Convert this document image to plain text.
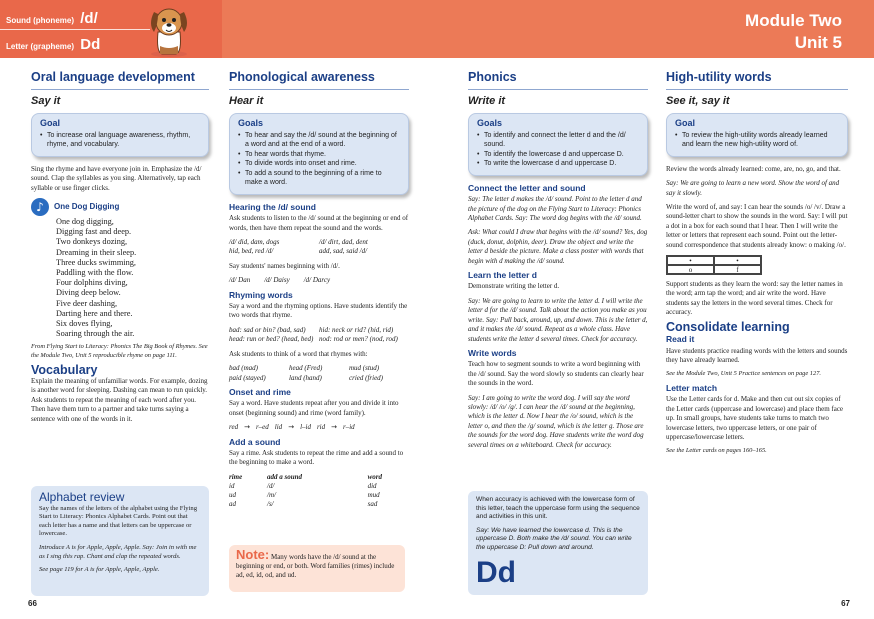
Sound (phoneme) /d/
Letter (grapheme) Dd
Module Two
Unit 5
Oral language development
Say it
Goal
• To increase oral language awareness, rhythm, rhyme, and vocabulary.

Sing the rhyme and have everyone join in. Emphasize the /d/ sound. Clap the syllables as you sing. Alternatively, tap each syllable or use finger clicks.

♪	One Dog Digging
One dog digging,
Digging fast and deep.
Two donkeys dozing,
Dreaming in their sleep.
Three ducks swimming,
Paddling with the flow.
Four dolphins diving,
Diving deep below.
Five deer dashing,
Darting here and there.
Six doves flying,
Soaring through the air.

From Flying Start to Literacy: Phonics The Big Book of Rhymes. See the Module Two, Unit 5 reproducible rhyme on page 111.

Vocabulary

Explain the meaning of unfamiliar words. For example, dozing is another word for sleeping. Dashing can mean to run quickly. Ask students to repeat the meaning of each word after you. Then have them turn to a partner and take turns saying a sentence with one of the words in it.

Alphabet review

Say the names of the letters of the alphabet using the Flying Start to Literacy: Phonics Alphabet Cards. Point out that each letter has a name and that letters can be uppercase or lowercase.

Introduce A is for Apple, Apple, Apple. Say: Join in with me as I sing this rap. Chant and clap the repeated words.

See page 119 for A is for Apple, Apple, Apple.

Phonological awareness
Hear it
Goals
• To hear and say the /d/ sound at the beginning of a word and at the end of a word.
• To hear words that rhyme.
• To divide words into onset and rime.
• To add a sound to the beginning of a rime to make a word.
Hearing the /d/ sound

Ask students to listen to the /d/ sound at the beginning or end of words, then have them repeat the sound and the words.

/d/ did, dam, dogs	/d/ dirt, dad, dent
hid, bed, red /d/	add, sad, said /d/

Say students' names beginning with /d/.

/d/ Dan /d/ Daisy /d/ Darcy
Rhyming words

Say a word and the rhyming options. Have students identify the two words that rhyme.

bad: sad or bin? (bad, sad)	hid: neck or rid? (hid, rid)
head: run or bed? (head, bed) nod: rod or men? (nod, rod)

Ask students to think of a word that rhymes with:

bad (mad)	head (Fred)	mud (stud)
paid (stayed)	land (hand)	cried (fried)
Onset and rime

Say a word. Have students repeat after you and divide it into onset (beginning sound) and rime (word family).

red → r–ed lid → l–id rid → r–id
Add a sound

Say a rime. Ask students to repeat the rime and add a sound to the beginning to make a word.

rime	add a sound	word
id	/d/	did
ud	/m/	mud
ad	/s/	sad
Note: Many words have the /d/ sound at the beginning or end, or both. Word families (rimes) include ad, ed, id, od, and ud.
Phonics
Write it
Goals
• To identify and connect the letter d and the /d/ sound.
• To identify the lowercase d and uppercase D.
• To write the lowercase d and uppercase D.
Connect the letter and sound

Say: The letter d makes the /d/ sound. Point to the letter d and the picture of the dog on the Flying Start to Literacy: Phonics Alphabet Cards. Say: The word dog begins with the /d/ sound.

Ask: What could I draw that begins with the /d/ sound? Yes, dog (duck, donut, dolphin, deer). Draw the object and write the letter d beside the picture. Make a class poster with words that begin with d making the /d/ sound.

Learn the letter d

Demonstrate writing the letter d.

Say: We are going to learn to write the letter d. I will write the letter d for the /d/ sound. Talk about the action you make as you write. Say: Pull back, around, up, and down. This is the letter d, and it makes the /d/ sound. Repeat as a whole class. Have students write the letter d several times. Check for accuracy.

Write words

Teach how to segment sounds to write a word beginning with the /d/ sound. Say the word slowly so students can clearly hear the sounds in the word.

Say: I am going to write the word dog. I will say the word slowly: /d/ /o/ /g/. I can hear the /d/ sound at the beginning, which is the letter d. Now I hear the /o/ sound, which is the letter o, and then the /g/ sound, which is the letter g. Those are the sounds for the word dog. Have students write the word dog several times on a whiteboard. Check for accuracy.

When accuracy is achieved with the lowercase form of this letter, teach the uppercase form using the sequence and activities in this unit.

Say: We have learned the lowercase d. This is the uppercase D. Both make the /d/ sound. You can write the uppercase D: Pull down and around.

Dd
High-utility words
See it, say it
Goal
• To review the high-utility words already learned and learn the new high-utility word of.

Review the words already learned: come, are, no, go, and that.

Say: We are going to learn a new word. Show the word of and say it slowly.

Write the word of, and say: I can hear the sounds /o/ /v/. Draw a sound-letter chart to show the sounds in the word. Say: I will put a dot in a box for each sound that I hear. Then I will write the letter or letters that represent each sound. Point out the letter-sound correspondence that students already know: o making /o/.

•	•
o	f

Support students as they learn the word: say the letter names in the word; arm tap the word; and air write the word. Have students say the letters in the word several times. Check for accuracy.

Consolidate learning
Read it

Have students practice reading words with the letters and sounds they have already learned.

See the Module Two, Unit 5 Practice sentences on page 127.

Letter match

Use the Letter cards for d. Make and then cut out six copies of the Letter cards (uppercase and lowercase) and place them face up. In small groups, have students take turns to match two lowercase letters, two uppercase letters, or one pair of uppercase/lowercase letters.

See the Letter cards on pages 160–165.

66	67
